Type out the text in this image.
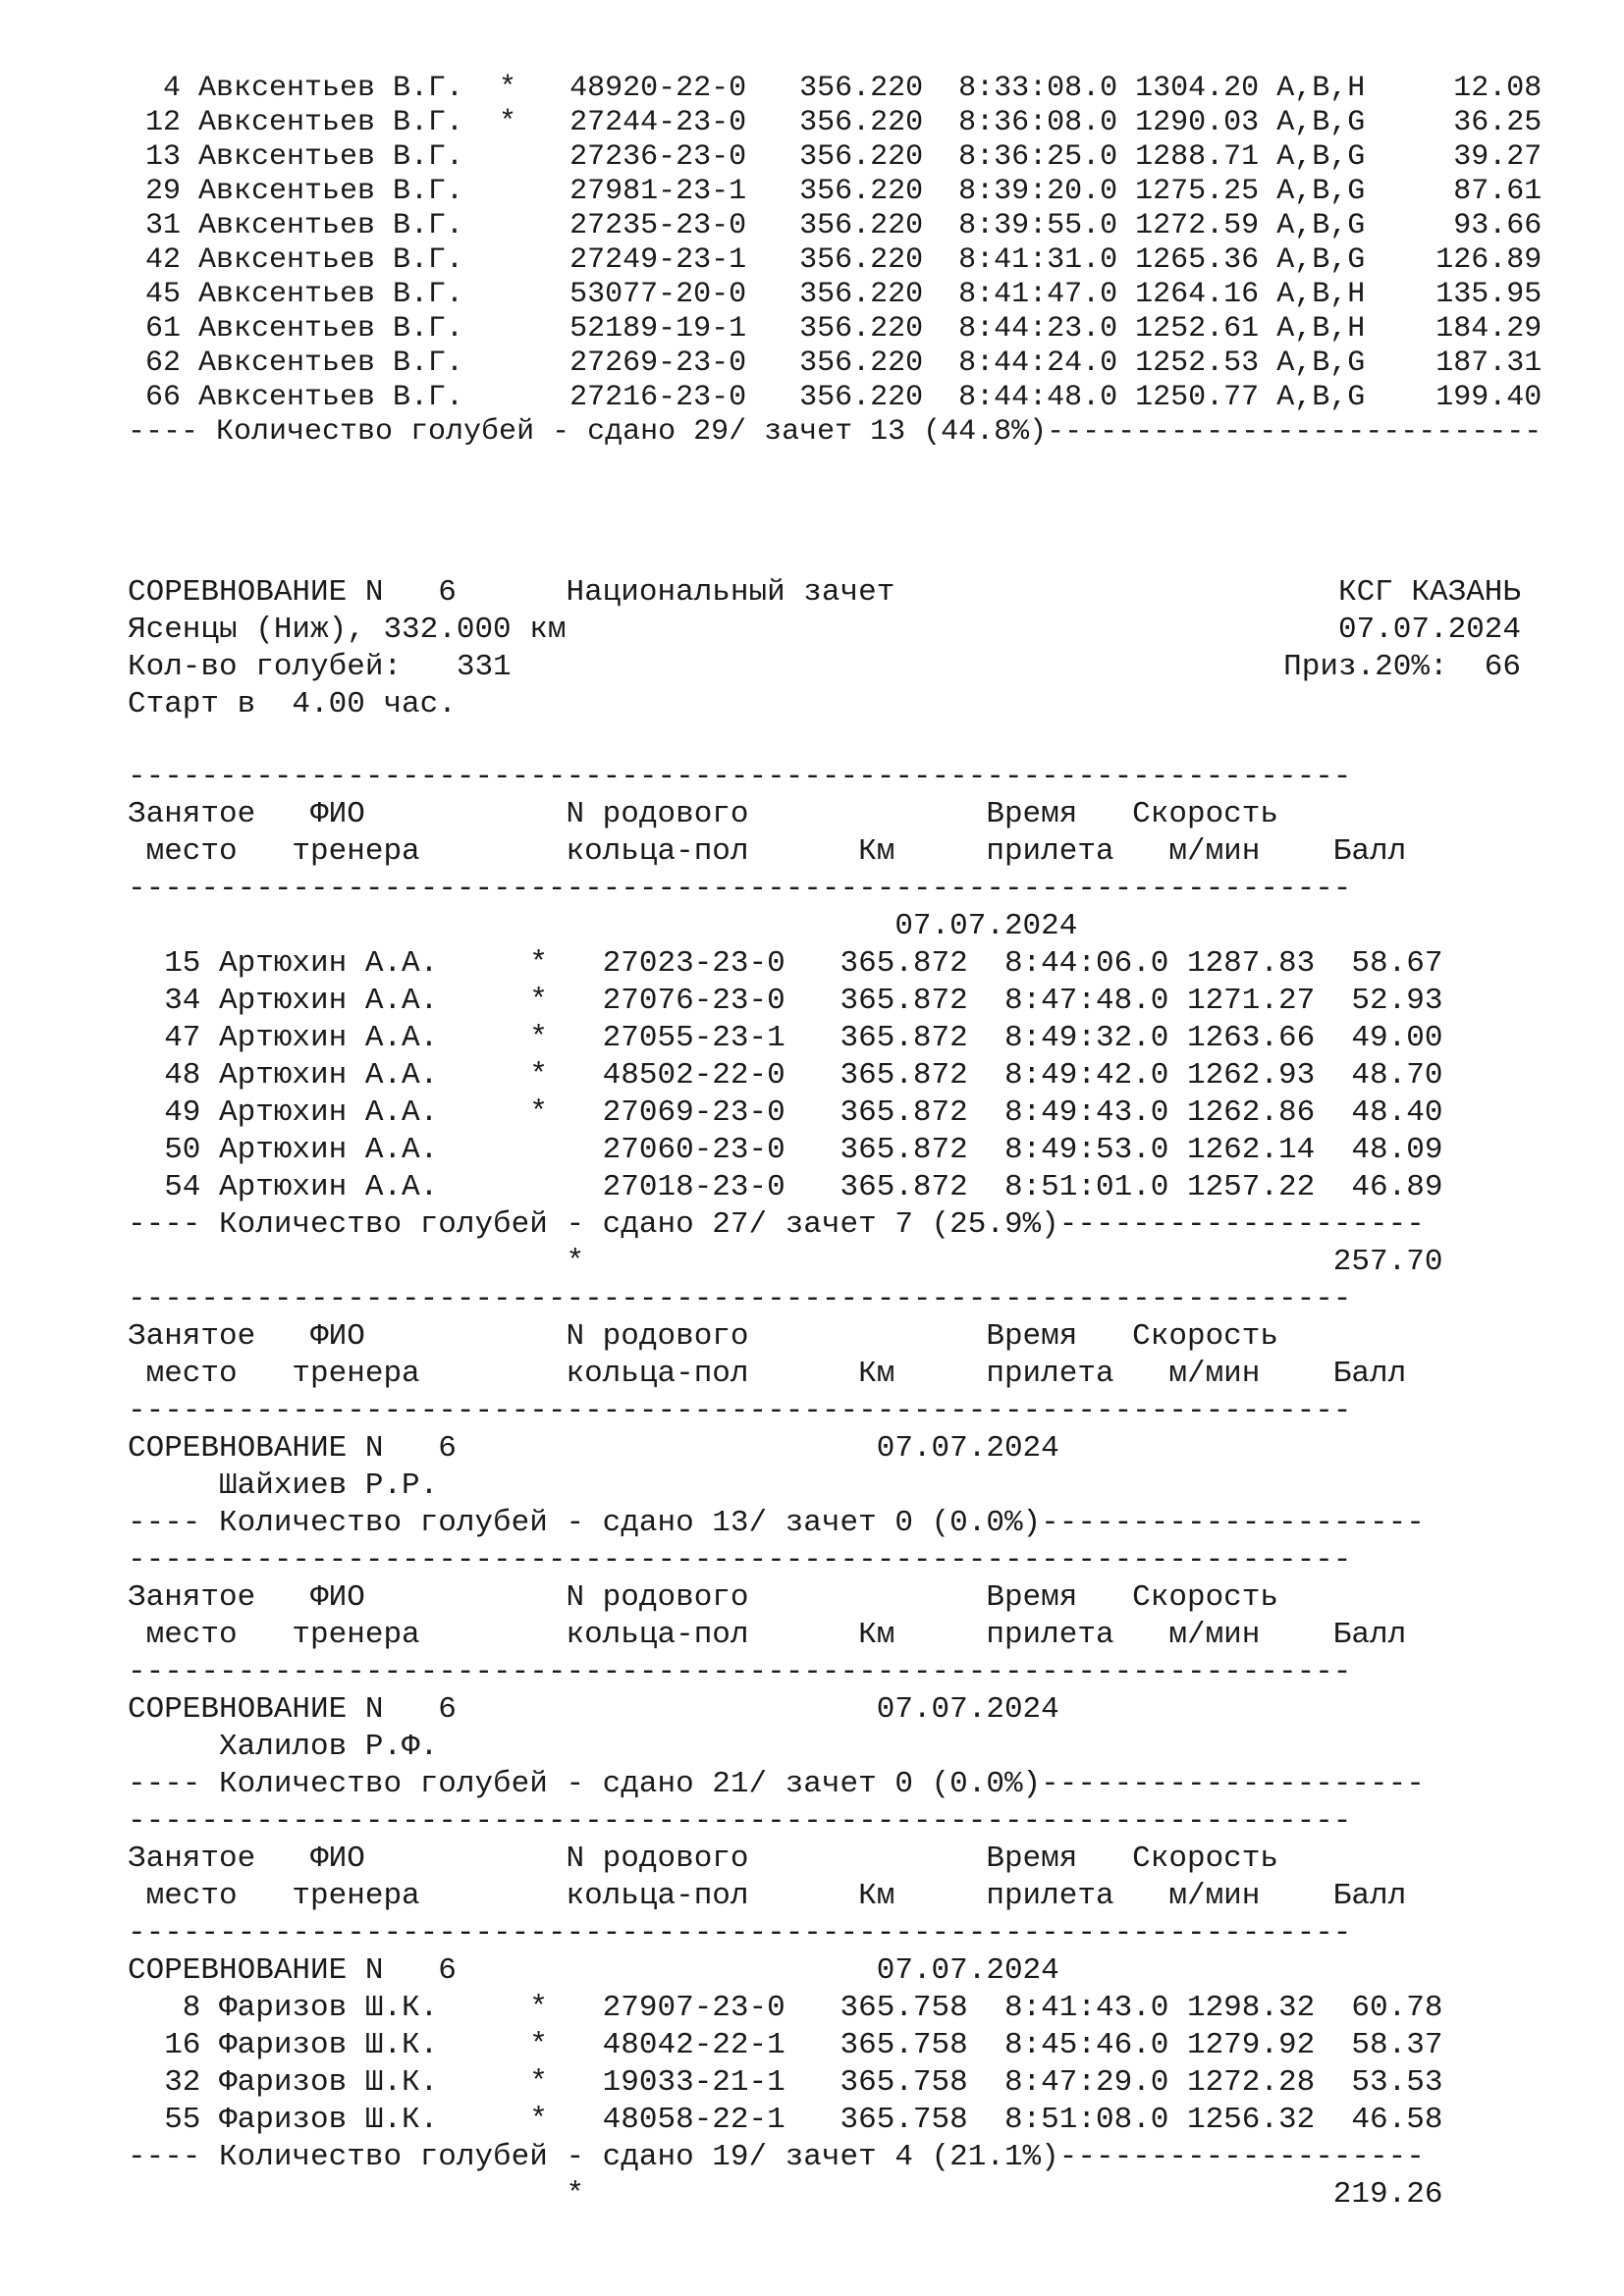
4 Авксентьев В.Г.  *   48920-22-0   356.220  8:33:08.0 1304.20 A,B,H     12.08
12 Авксентьев В.Г.  *   27244-23-0   356.220  8:36:08.0 1290.03 A,B,G     36.25
13 Авксентьев В.Г.      27236-23-0   356.220  8:36:25.0 1288.71 A,B,G     39.27
29 Авксентьев В.Г.      27981-23-1   356.220  8:39:20.0 1275.25 A,B,G     87.61
31 Авксентьев В.Г.      27235-23-0   356.220  8:39:55.0 1272.59 A,B,G     93.66
42 Авксентьев В.Г.      27249-23-1   356.220  8:41:31.0 1265.36 A,B,G    126.89
45 Авксентьев В.Г.      53077-20-0   356.220  8:41:47.0 1264.16 A,B,H    135.95
61 Авксентьев В.Г.      52189-19-1   356.220  8:44:23.0 1252.61 A,B,H    184.29
62 Авксентьев В.Г.      27269-23-0   356.220  8:44:24.0 1252.53 A,B,G    187.31
66 Авксентьев В.Г.      27216-23-0   356.220  8:44:48.0 1250.77 A,B,G    199.40
---- Количество голубей - сдано 29/ зачет 13 (44.8%)----------------------------
СОРЕВНОВАНИЕ N   6      Национальный зачет	КСГ КАЗАНЬ
Ясенцы (Ниж), 332.000 км	07.07.2024
Кол-во голубей:   331	Приз.20%:  66
Старт в  4.00 час.
-------------------------------------------------------------------
Занятое   ФИО           N родового             Время   Скорость
место   тренера        кольца-пол      Км     прилета   м/мин    Балл
-------------------------------------------------------------------
07.07.2024
15 Артюхин А.А.     *   27023-23-0   365.872  8:44:06.0 1287.83  58.67
34 Артюхин А.А.     *   27076-23-0   365.872  8:47:48.0 1271.27  52.93
47 Артюхин А.А.     *   27055-23-1   365.872  8:49:32.0 1263.66  49.00
48 Артюхин А.А.     *   48502-22-0   365.872  8:49:42.0 1262.93  48.70
49 Артюхин А.А.     *   27069-23-0   365.872  8:49:43.0 1262.86  48.40
50 Артюхин А.А.         27060-23-0   365.872  8:49:53.0 1262.14  48.09
54 Артюхин А.А.         27018-23-0   365.872  8:51:01.0 1257.22  46.89
---- Количество голубей - сдано 27/ зачет 7 (25.9%)--------------------
*                                         257.70
-------------------------------------------------------------------
Занятое   ФИО           N родового             Время   Скорость
место   тренера        кольца-пол      Км     прилета   м/мин    Балл
-------------------------------------------------------------------
СОРЕВНОВАНИЕ N   6                       07.07.2024
Шайхиев Р.Р.
---- Количество голубей - сдано 13/ зачет 0 (0.0%)---------------------
-------------------------------------------------------------------
Занятое   ФИО           N родового             Время   Скорость
место   тренера        кольца-пол      Км     прилета   м/мин    Балл
-------------------------------------------------------------------
СОРЕВНОВАНИЕ N   6                       07.07.2024
Халилов Р.Ф.
---- Количество голубей - сдано 21/ зачет 0 (0.0%)---------------------
-------------------------------------------------------------------
Занятое   ФИО           N родового             Время   Скорость
место   тренера        кольца-пол      Км     прилета   м/мин    Балл
-------------------------------------------------------------------
СОРЕВНОВАНИЕ N   6                       07.07.2024
8 Фаризов Ш.К.     *   27907-23-0   365.758  8:41:43.0 1298.32  60.78
16 Фаризов Ш.К.     *   48042-22-1   365.758  8:45:46.0 1279.92  58.37
32 Фаризов Ш.К.     *   19033-21-1   365.758  8:47:29.0 1272.28  53.53
55 Фаризов Ш.К.     *   48058-22-1   365.758  8:51:08.0 1256.32  46.58
---- Количество голубей - сдано 19/ зачет 4 (21.1%)--------------------
*                                         219.26
